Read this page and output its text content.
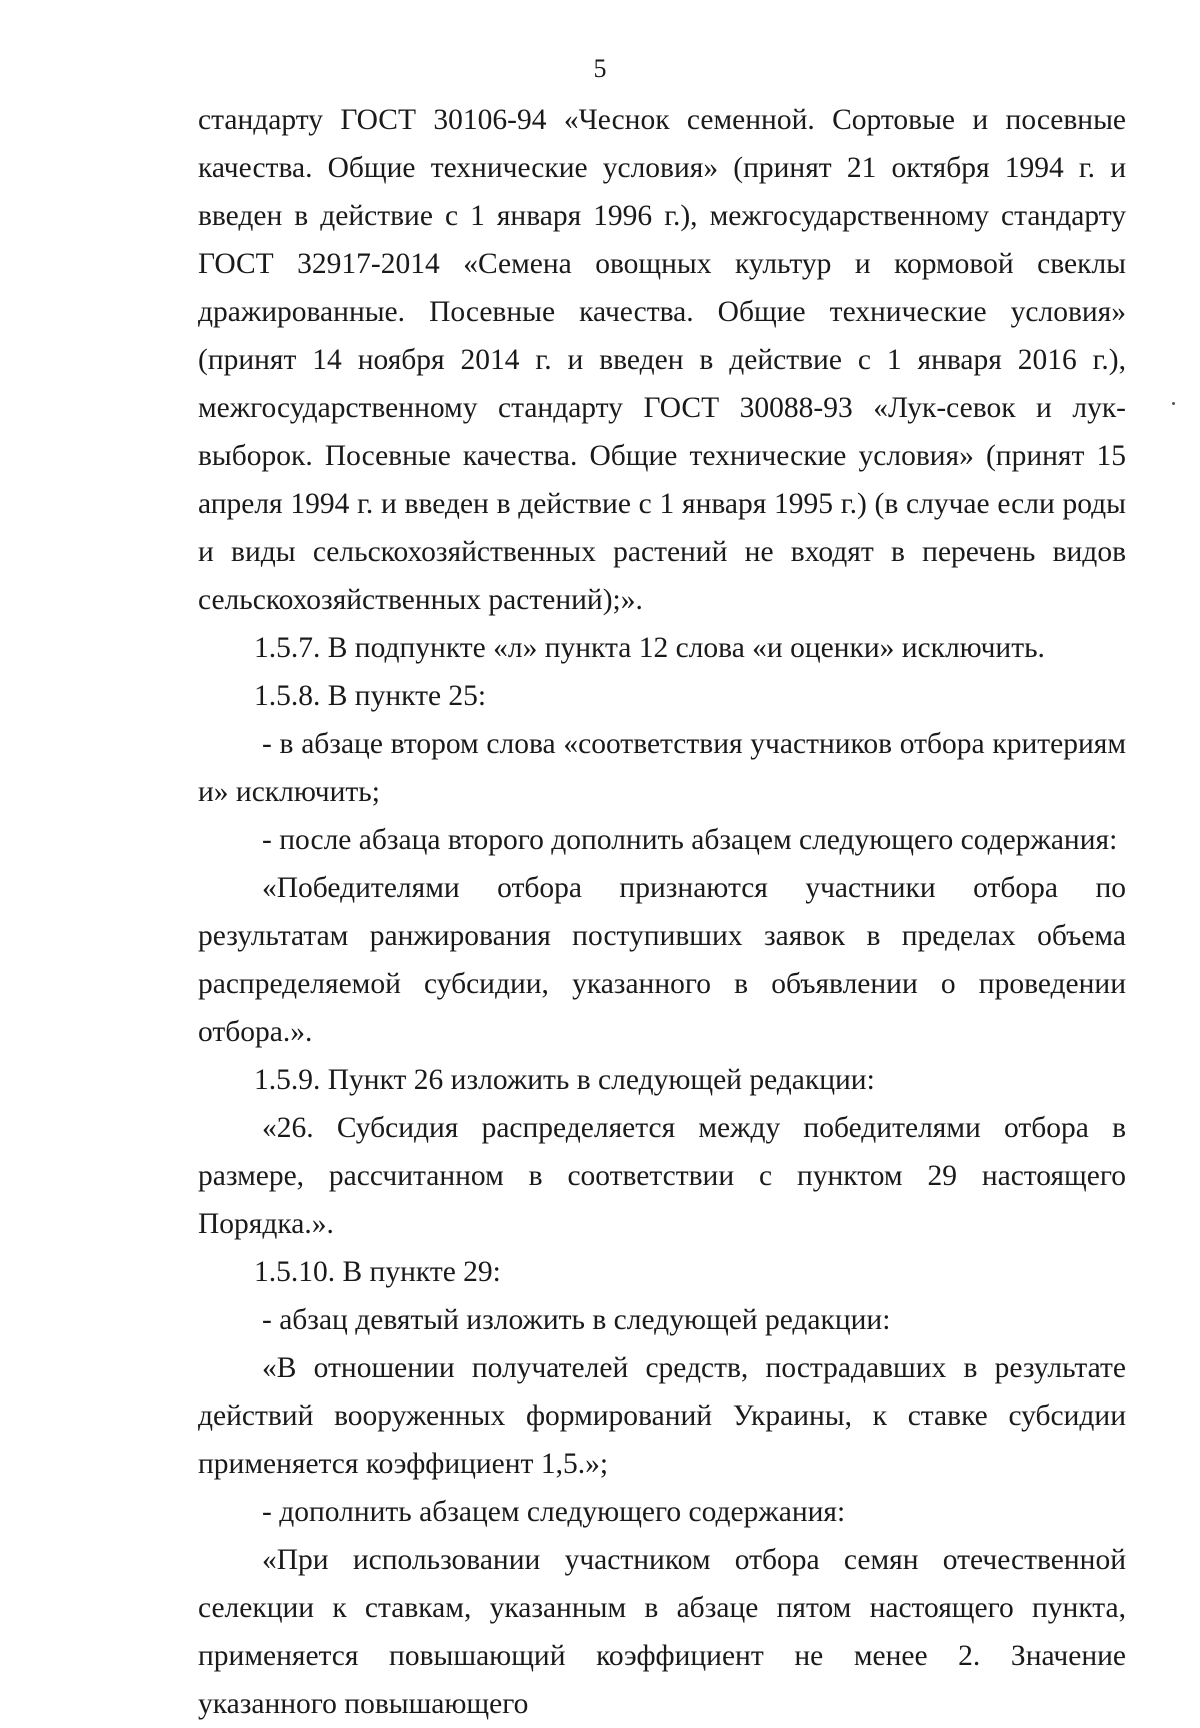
5

стандарту ГОСТ 30106-94 «Чеснок семенной. Сортовые и посевные качества. Общие технические условия» (принят 21 октября 1994 г. и введен в действие с 1 января 1996 г.), межгосударственному стандарту ГОСТ 32917-2014 «Семена овощных культур и кормовой свеклы дражированные. Посевные качества. Общие технические условия» (принят 14 ноября 2014 г. и введен в действие с 1 января 2016 г.), межгосударственному стандарту ГОСТ 30088-93 «Лук-севок и лук-выборок. Посевные качества. Общие технические условия» (принят 15 апреля 1994 г. и введен в действие с 1 января 1995 г.) (в случае если роды и виды сельскохозяйственных растений не входят в перечень видов сельскохозяйственных растений);».

1.5.7. В подпункте «л» пункта 12 слова «и оценки» исключить.

1.5.8. В пункте 25:

- в абзаце втором слова «соответствия участников отбора критериям и» исключить;

- после абзаца второго дополнить абзацем следующего содержания:

«Победителями отбора признаются участники отбора по результатам ранжирования поступивших заявок в пределах объема распределяемой субсидии, указанного в объявлении о проведении отбора.».

1.5.9. Пункт 26 изложить в следующей редакции:

«26. Субсидия распределяется между победителями отбора в размере, рассчитанном в соответствии с пунктом 29 настоящего Порядка.».

1.5.10. В пункте 29:

- абзац девятый изложить в следующей редакции:

«В отношении получателей средств, пострадавших в результате действий вооруженных формирований Украины, к ставке субсидии применяется коэффициент 1,5.»;

- дополнить абзацем следующего содержания:

«При использовании участником отбора семян отечественной селекции к ставкам, указанным в абзаце пятом настоящего пункта, применяется повышающий коэффициент не менее 2. Значение указанного повышающего
